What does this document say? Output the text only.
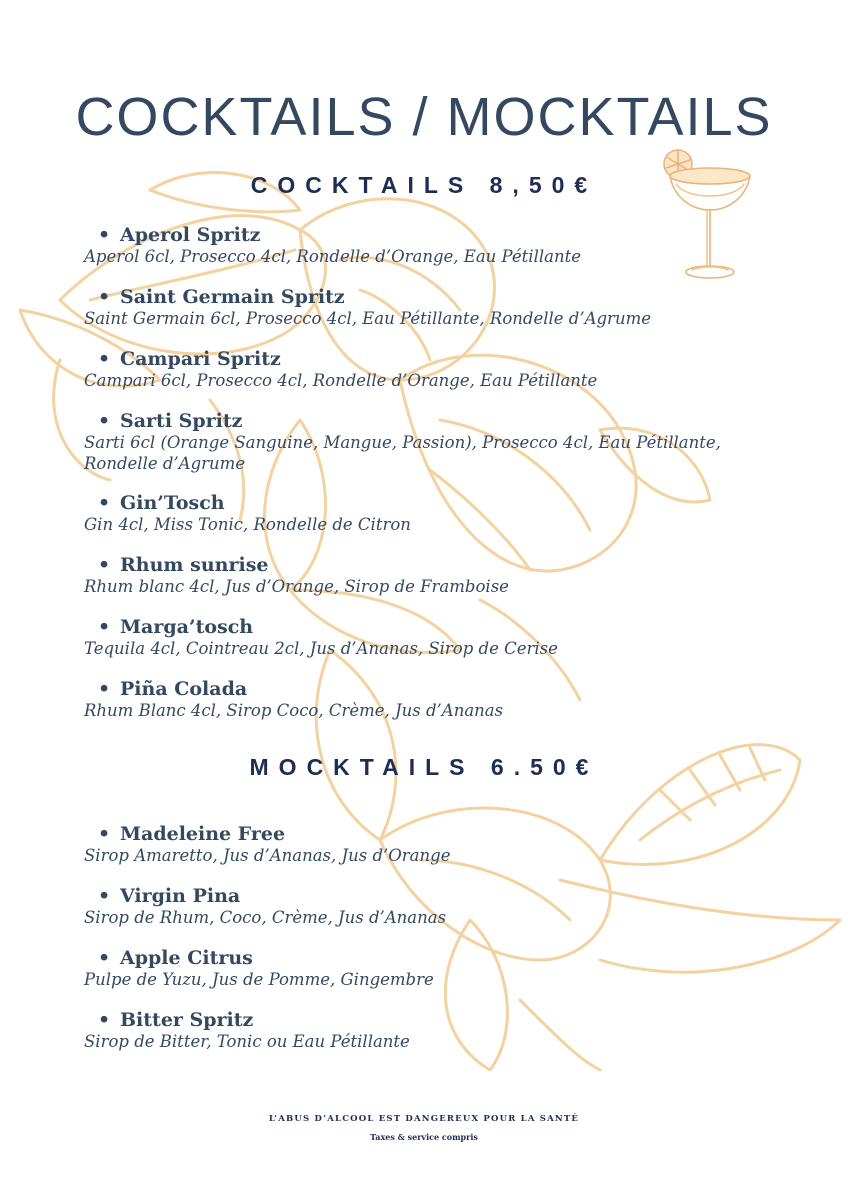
COCKTAILS / MOCKTAILS
COCKTAILS 8,50€
• Aperol Spritz
Aperol 6cl, Prosecco 4cl, Rondelle d’Orange, Eau Pétillante
• Saint Germain Spritz
Saint Germain 6cl, Prosecco 4cl, Eau Pétillante, Rondelle d’Agrume
• Campari Spritz
Campari 6cl, Prosecco 4cl, Rondelle d’Orange, Eau Pétillante
• Sarti Spritz
Sarti 6cl (Orange Sanguine, Mangue, Passion), Prosecco 4cl, Eau Pétillante, Rondelle d’Agrume
• Gin’Tosch
Gin 4cl, Miss Tonic, Rondelle de Citron
• Rhum sunrise
Rhum blanc 4cl, Jus d’Orange, Sirop de Framboise
• Marga’tosch
Tequila 4cl, Cointreau 2cl, Jus d’Ananas, Sirop de Cerise
• Piña Colada
Rhum Blanc 4cl, Sirop Coco, Crème, Jus d’Ananas
MOCKTAILS 6.50€
• Madeleine Free
Sirop Amaretto, Jus d’Ananas, Jus d’Orange
• Virgin Pina
Sirop de Rhum, Coco, Crème, Jus d’Ananas
• Apple Citrus
Pulpe de Yuzu, Jus de Pomme, Gingembre
• Bitter Spritz
Sirop de Bitter, Tonic ou Eau Pétillante

L’ABUS D’ALCOOL EST DANGEREUX POUR LA SANTÉ

Taxes & service compris
